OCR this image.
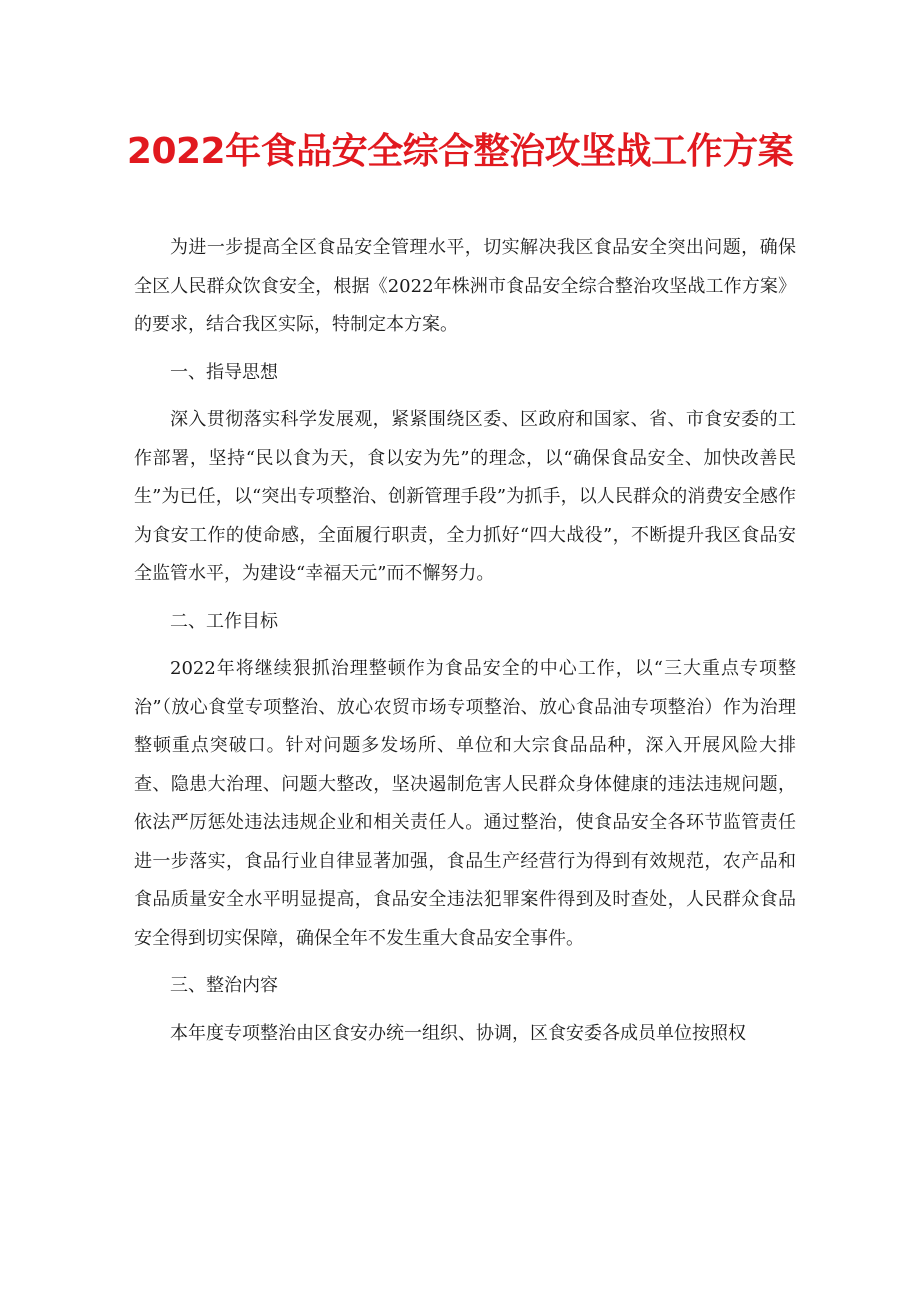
2022年食品安全综合整治攻坚战工作方案

为进一步提高全区食品安全管理水平，切实解决我区食品安全突出问题，确保全区人民群众饮食安全，根据《2022年株洲市食品安全综合整治攻坚战工作方案》的要求，结合我区实际，特制定本方案。

一、指导思想

深入贯彻落实科学发展观，紧紧围绕区委、区政府和国家、省、市食安委的工作部署，坚持“民以食为天，食以安为先”的理念，以“确保食品安全、加快改善民生”为已任，以“突出专项整治、创新管理手段”为抓手，以人民群众的消费安全感作为食安工作的使命感，全面履行职责，全力抓好“四大战役”，不断提升我区食品安全监管水平，为建设“幸福天元”而不懈努力。

二、工作目标

2022年将继续狠抓治理整顿作为食品安全的中心工作，以“三大重点专项整治”（放心食堂专项整治、放心农贸市场专项整治、放心食品油专项整治）作为治理整顿重点突破口。针对问题多发场所、单位和大宗食品品种，深入开展风险大排查、隐患大治理、问题大整改，坚决遏制危害人民群众身体健康的违法违规问题，依法严厉惩处违法违规企业和相关责任人。通过整治，使食品安全各环节监管责任进一步落实，食品行业自律显著加强，食品生产经营行为得到有效规范，农产品和食品质量安全水平明显提高，食品安全违法犯罪案件得到及时查处，人民群众食品安全得到切实保障，确保全年不发生重大食品安全事件。

三、整治内容

本年度专项整治由区食安办统一组织、协调，区食安委各成员单位按照权
